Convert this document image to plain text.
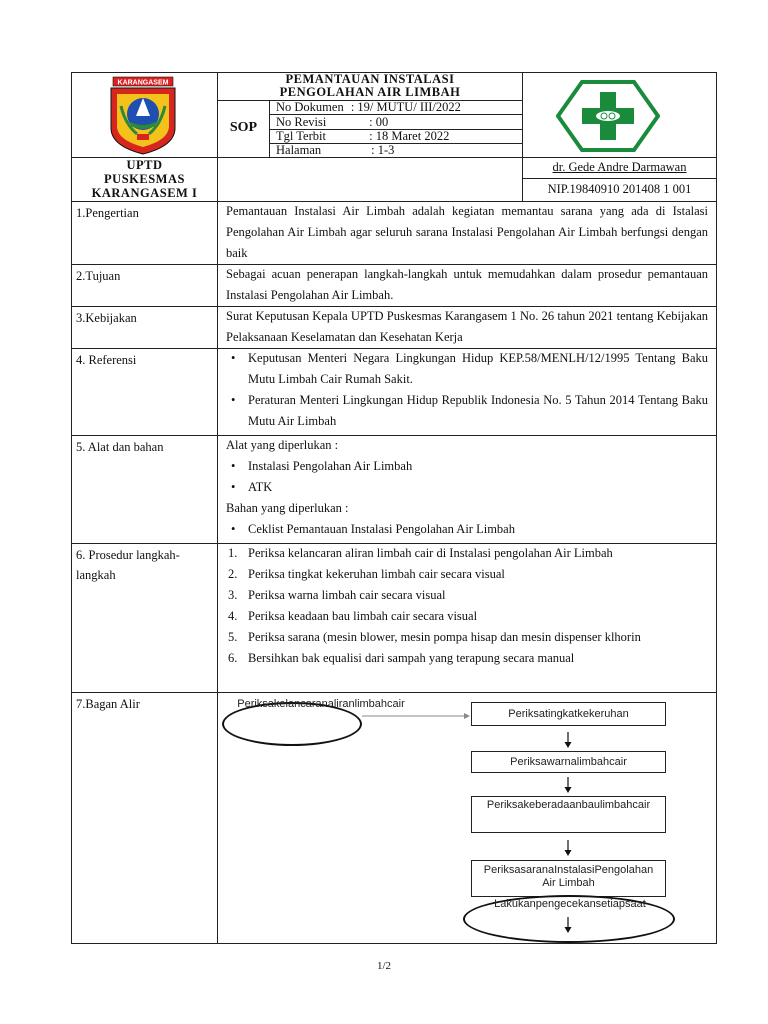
KARANGASEM	PEMANTAUAN INSTALASI
PENGOLAHAN AIR LIMBAH
SOP
No Dokumen : 19/ MUTU/ III/2022
No Revisi	: 00
Tgl Terbit	: 18 Maret 2022
Halaman	: 1-3
UPTD
PUSKESMAS
KARANGASEM I
dr. Gede Andre Darmawan
NIP.19840910 201408 1 001
1.Pengertian	Pemantauan Instalasi Air Limbah adalah kegiatan memantau sarana yang ada di Istalasi Pengolahan Air Limbah agar seluruh sarana Instalasi Pengolahan Air Limbah berfungsi dengan baik
2.Tujuan	Sebagai acuan penerapan langkah-langkah untuk memudahkan dalam prosedur pemantauan Instalasi Pengolahan Air Limbah.
3.Kebijakan	Surat Keputusan Kepala UPTD Puskesmas Karangasem 1 No. 26 tahun 2021 tentang Kebijakan Pelaksanaan Keselamatan dan Kesehatan Kerja
4. Referensi
•	Keputusan Menteri Negara Lingkungan Hidup KEP.58/MENLH/12/1995 Tentang Baku Mutu Limbah Cair Rumah Sakit.
• Peraturan Menteri Lingkungan Hidup Republik Indonesia No. 5 Tahun 2014 Tentang Baku Mutu Air Limbah
5. Alat dan bahan	Alat yang diperlukan :
• Instalasi Pengolahan Air Limbah
• ATK
Bahan yang diperlukan :
• Ceklist Pemantauan Instalasi Pengolahan Air Limbah
6. Prosedur langkah-langkah
1. Periksa kelancaran aliran limbah cair di Instalasi pengolahan Air Limbah
2. Periksa tingkat kekeruhan limbah cair secara visual
3. Periksa warna limbah cair secara visual
4. Periksa keadaan bau limbah cair secara visual
5. Periksa sarana (mesin blower, mesin pompa hisap dan mesin dispenser klhorin
6. Bersihkan bak equalisi dari sampah yang terapung secara manual
7.Bagan Alir	Periksakelancaranaliranlimbahcair
Periksatingkatkekeruhan
Periksawarnalimbahcair
Periksakeberadaanbaulimbahcair
PeriksasaranaInstalasiPengolahan Air Limbah
Lakukanpengecekansetiapsaat
1/2
